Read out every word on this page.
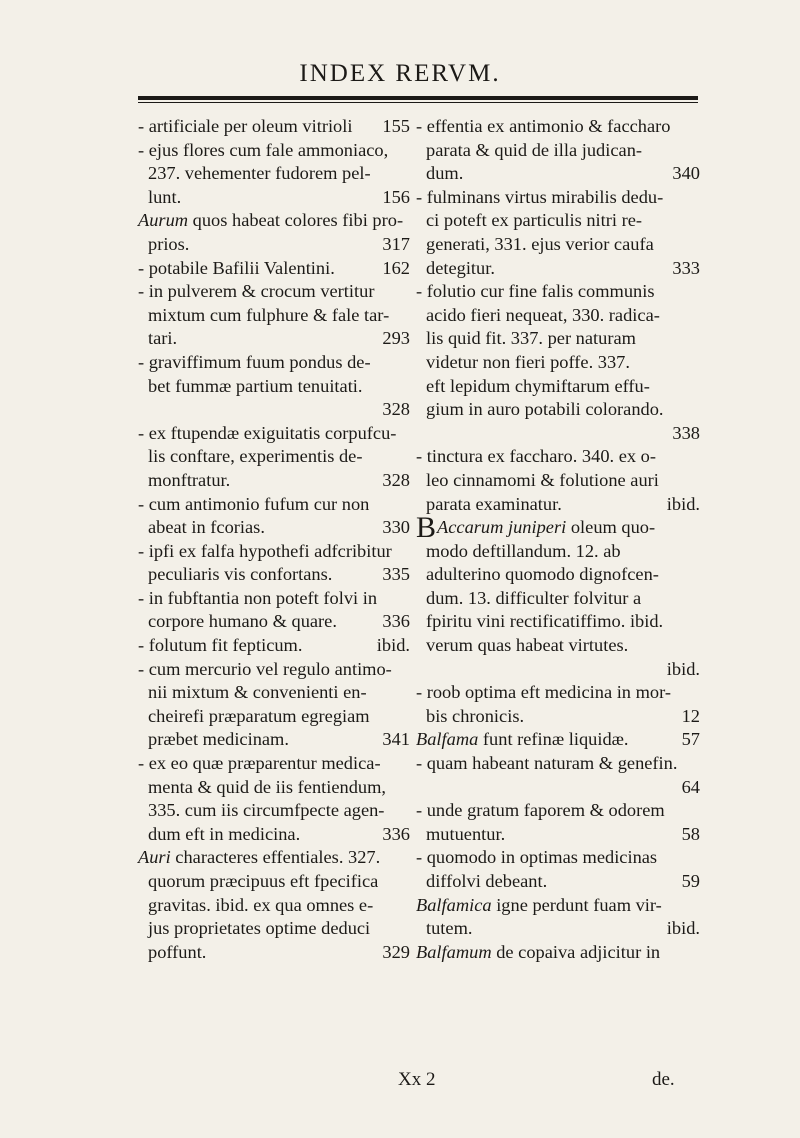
INDEX RERVM.
155
- artificiale per oleum vitrioli
- ejus flores cum fale ammoniaco,
237. vehementer fudorem pel-
156
lunt.
Aurum quos habeat colores fibi pro-
317
prios.
162
- potabile Bafilii Valentini.
- in pulverem & crocum vertitur
mixtum cum fulphure & fale tar-
293
tari.
- graviffimum fuum pondus de-
bet fummæ partium tenuitati.
328
- ex ftupendæ exiguitatis corpufcu-
lis conftare, experimentis de-
328
monftratur.
- cum antimonio fufum cur non
330
abeat in fcorias.
- ipfi ex falfa hypothefi adfcribitur
335
peculiaris vis confortans.
- in fubftantia non poteft folvi in
336
corpore humano & quare.
ibid.
- folutum fit fepticum.
- cum mercurio vel regulo antimo-
nii mixtum & convenienti en-
cheirefi præparatum egregiam
341
præbet medicinam.
- ex eo quæ præparentur medica-
menta & quid de iis fentiendum,
335. cum iis circumfpecte agen-
336
dum eft in medicina.
Auri characteres effentiales. 327.
quorum præcipuus eft fpecifica
gravitas. ibid. ex qua omnes e-
jus proprietates optime deduci
329
poffunt.
- effentia ex antimonio & faccharo
parata & quid de illa judican-
340
dum.
- fulminans virtus mirabilis dedu-
ci poteft ex particulis nitri re-
generati, 331. ejus verior caufa
333
detegitur.
- folutio cur fine falis communis
acido fieri nequeat, 330. radica-
lis quid fit. 337. per naturam
videtur non fieri poffe. 337.
eft lepidum chymiftarum effu-
gium in auro potabili colorando.
338
- tinctura ex faccharo. 340. ex o-
leo cinnamomi & folutione auri
ibid.
parata examinatur.
BAccarum juniperi oleum quo-
modo deftillandum. 12. ab
adulterino quomodo dignofcen-
dum. 13. difficulter folvitur a
fpiritu vini rectificatiffimo. ibid.
verum quas habeat virtutes.
ibid.
- roob optima eft medicina in mor-
12
bis chronicis.
57
Balfama funt refinæ liquidæ.
- quam habeant naturam & genefin.
64
- unde gratum faporem & odorem
58
mutuentur.
- quomodo in optimas medicinas
59
diffolvi debeant.
Balfamica igne perdunt fuam vir-
ibid.
tutem.
Balfamum de copaiva adjicitur in
Xx 2	de.
